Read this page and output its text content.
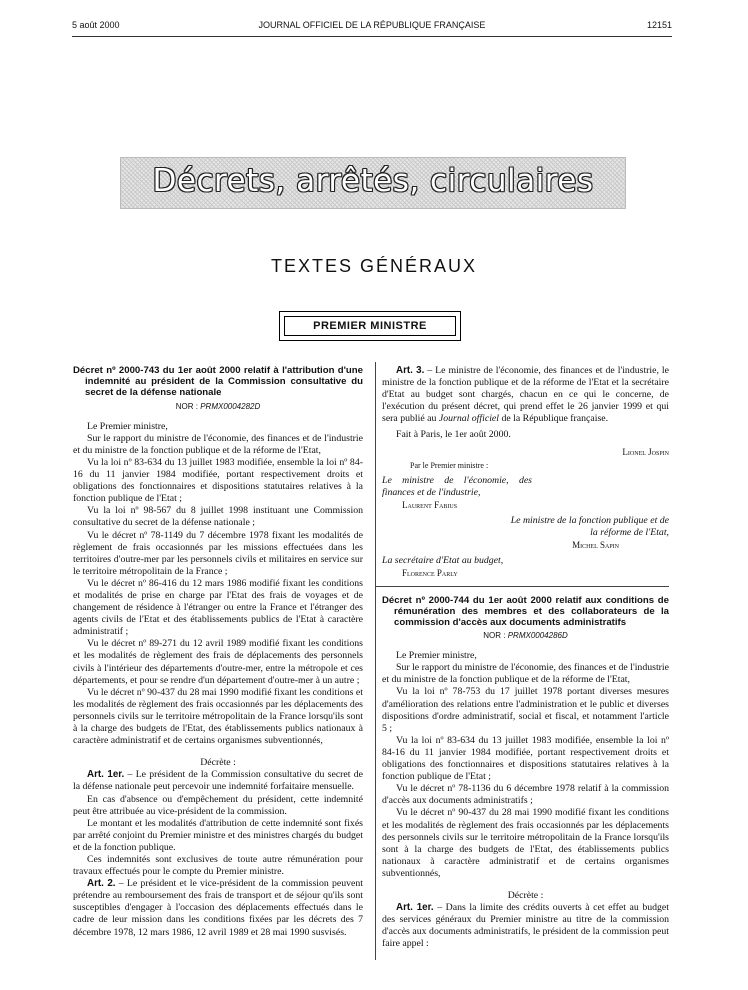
5 août 2000	JOURNAL OFFICIEL DE LA RÉPUBLIQUE FRANÇAISE	12151
Décrets, arrêtés, circulaires
TEXTES GÉNÉRAUX
PREMIER MINISTRE
Décret nº 2000-743 du 1er août 2000 relatif à l'attribution d'une indemnité au président de la Commission consultative du secret de la défense nationale
NOR : PRMX0004282D

Le Premier ministre,

Sur le rapport du ministre de l'économie, des finances et de l'industrie et du ministre de la fonction publique et de la réforme de l'Etat,

Vu la loi nº 83-634 du 13 juillet 1983 modifiée, ensemble la loi nº 84-16 du 11 janvier 1984 modifiée, portant respectivement droits et obligations des fonctionnaires et dispositions statutaires relatives à la fonction publique de l'Etat ;

Vu la loi nº 98-567 du 8 juillet 1998 instituant une Commission consultative du secret de la défense nationale ;

Vu le décret nº 78-1149 du 7 décembre 1978 fixant les modalités de règlement de frais occasionnés par les missions effectuées dans les territoires d'outre-mer par les personnels civils et militaires en service sur le territoire métropolitain de la France ;

Vu le décret nº 86-416 du 12 mars 1986 modifié fixant les conditions et modalités de prise en charge par l'Etat des frais de voyages et de changement de résidence à l'étranger ou entre la France et l'étranger des agents civils de l'Etat et des établissements publics de l'Etat à caractère administratif ;

Vu le décret nº 89-271 du 12 avril 1989 modifié fixant les conditions et les modalités de règlement des frais de déplacements des personnels civils à l'intérieur des départements d'outre-mer, entre la métropole et ces départements, et pour se rendre d'un département d'outre-mer à un autre ;

Vu le décret nº 90-437 du 28 mai 1990 modifié fixant les conditions et les modalités de règlement des frais occasionnés par les déplacements des personnels civils sur le territoire métropolitain de la France lorsqu'ils sont à la charge des budgets de l'Etat, des établissements publics nationaux à caractère administratif et de certains organismes subventionnés,

Décrète :

Art. 1er. – Le président de la Commission consultative du secret de la défense nationale peut percevoir une indemnité forfaitaire mensuelle.

En cas d'absence ou d'empêchement du président, cette indemnité peut être attribuée au vice-président de la commission.

Le montant et les modalités d'attribution de cette indemnité sont fixés par arrêté conjoint du Premier ministre et des ministres chargés du budget et de la fonction publique.

Ces indemnités sont exclusives de toute autre rémunération pour travaux effectués pour le compte du Premier ministre.

Art. 2. – Le président et le vice-président de la commission peuvent prétendre au remboursement des frais de transport et de séjour qu'ils sont susceptibles d'engager à l'occasion des déplacements effectués dans le cadre de leur mission dans les conditions fixées par les décrets des 7 décembre 1978, 12 mars 1986, 12 avril 1989 et 28 mai 1990 susvisés.

Art. 3. – Le ministre de l'économie, des finances et de l'industrie, le ministre de la fonction publique et de la réforme de l'Etat et la secrétaire d'Etat au budget sont chargés, chacun en ce qui le concerne, de l'exécution du présent décret, qui prend effet le 26 janvier 1999 et qui sera publié au Journal officiel de la République française.

Fait à Paris, le 1er août 2000.

Lionel Jospin

Par le Premier ministre :

Le ministre de l'économie, des finances et de l'industrie,

Laurent Fabius

Le ministre de la fonction publique et de la réforme de l'Etat,

Michel Sapin

La secrétaire d'Etat au budget,

Florence Parly

Décret nº 2000-744 du 1er août 2000 relatif aux conditions de rémunération des membres et des collaborateurs de la commission d'accès aux documents administratifs
NOR : PRMX0004286D

Le Premier ministre,

Sur le rapport du ministre de l'économie, des finances et de l'industrie et du ministre de la fonction publique et de la réforme de l'Etat,

Vu la loi nº 78-753 du 17 juillet 1978 portant diverses mesures d'amélioration des relations entre l'administration et le public et diverses dispositions d'ordre administratif, social et fiscal, et notamment l'article 5 ;

Vu la loi nº 83-634 du 13 juillet 1983 modifiée, ensemble la loi nº 84-16 du 11 janvier 1984 modifiée, portant respectivement droits et obligations des fonctionnaires et dispositions statutaires relatives à la fonction publique de l'Etat ;

Vu le décret nº 78-1136 du 6 décembre 1978 relatif à la commission d'accès aux documents administratifs ;

Vu le décret nº 90-437 du 28 mai 1990 modifié fixant les conditions et les modalités de règlement des frais occasionnés par les déplacements des personnels civils sur le territoire métropolitain de la France lorsqu'ils sont à la charge des budgets de l'Etat, des établissements publics nationaux à caractère administratif et de certains organismes subventionnés,

Décrète :

Art. 1er. – Dans la limite des crédits ouverts à cet effet au budget des services généraux du Premier ministre au titre de la commission d'accès aux documents administratifs, le président de la commission peut faire appel :
